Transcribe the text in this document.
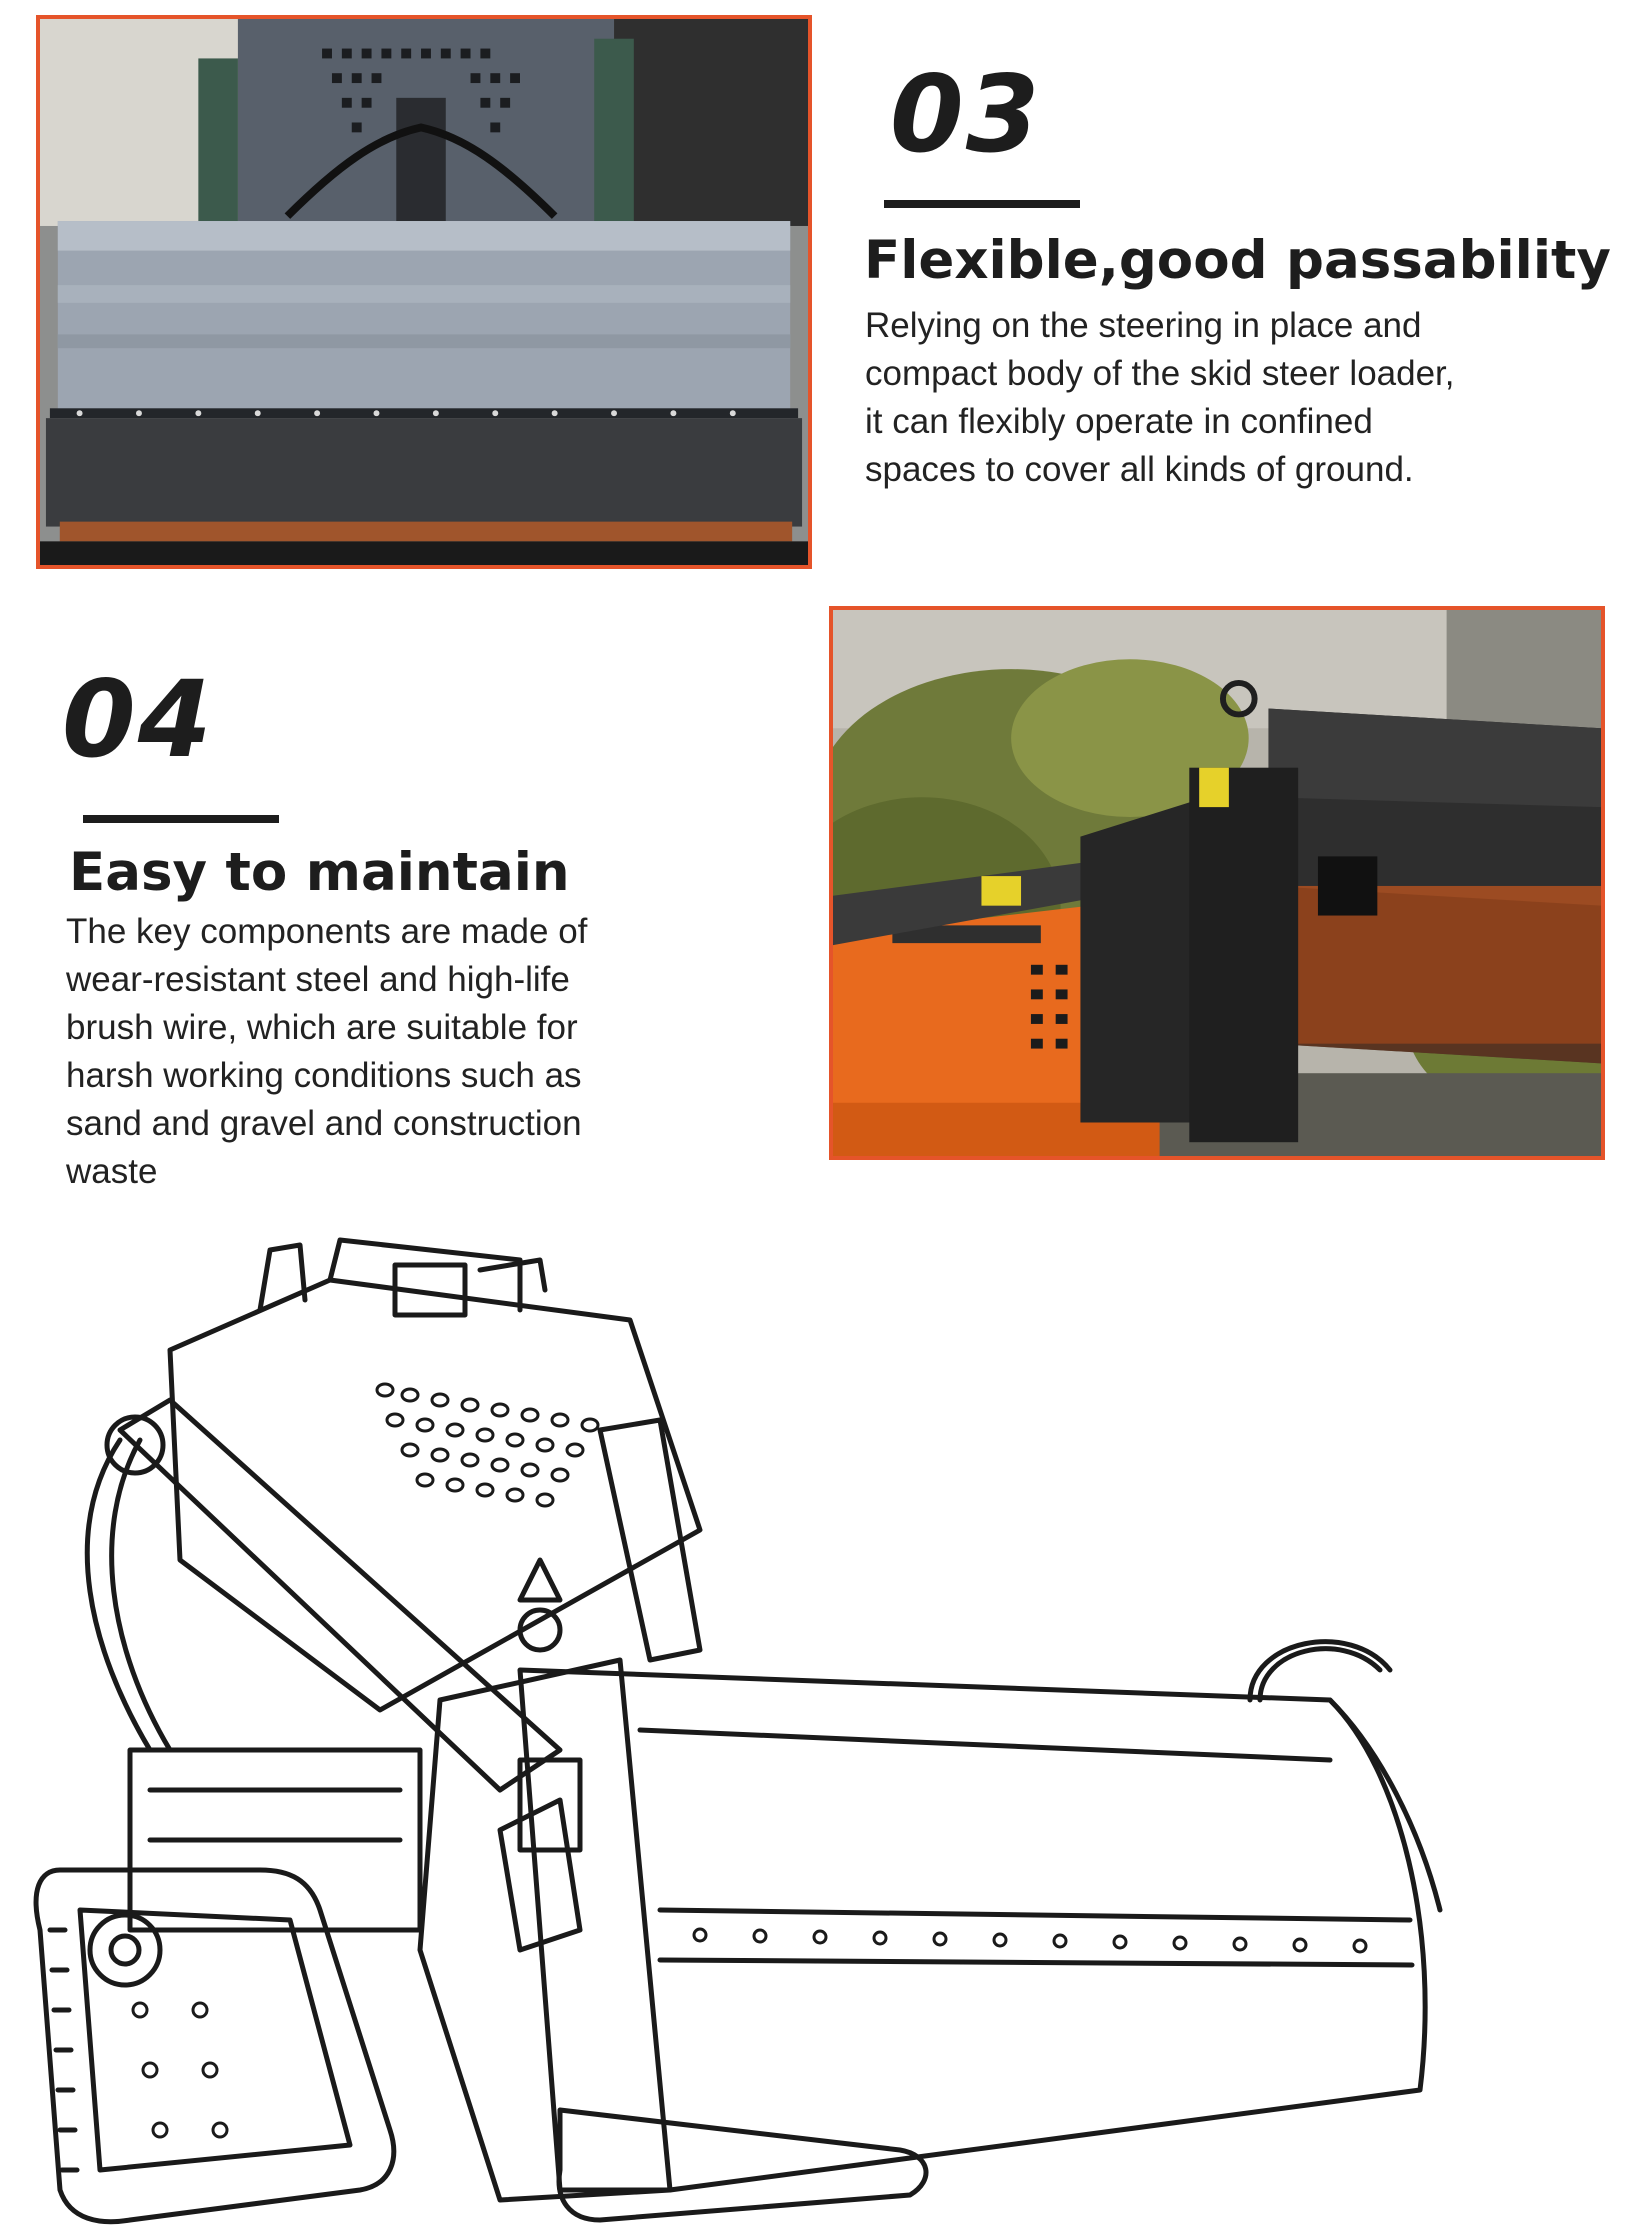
03
Flexible,good passability

Relying on the steering in place and
compact body of the skid steer loader,
it can flexibly operate in confined
spaces to cover all kinds of ground.

04
Easy to maintain

The key components are made of
wear-resistant steel and high-life
brush wire, which are suitable for
harsh working conditions such as
sand and gravel and construction
waste
